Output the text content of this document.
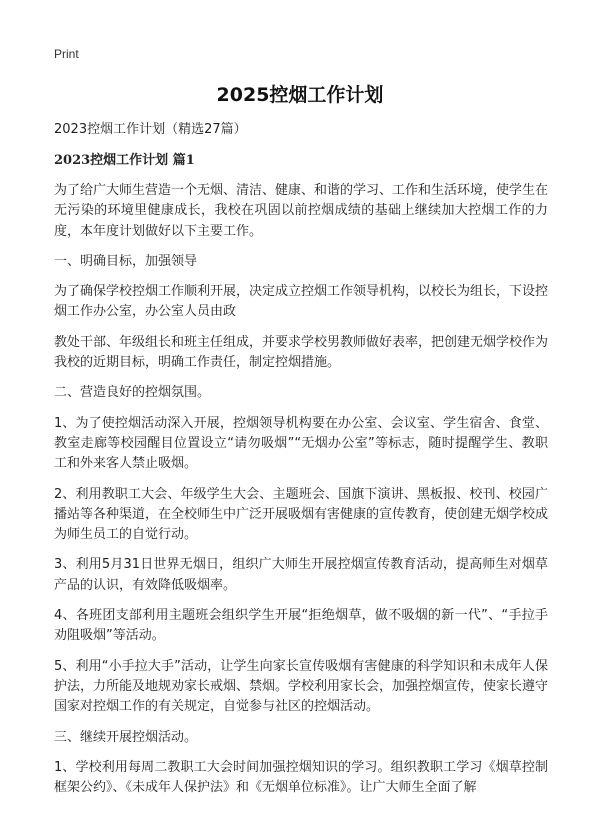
Print
2025控烟工作计划

2023控烟工作计划（精选27篇）

2023控烟工作计划 篇1

为了给广大师生营造一个无烟、清洁、健康、和谐的学习、工作和生活环境，使学生在无污染的环境里健康成长，我校在巩固以前控烟成绩的基础上继续加大控烟工作的力度，本年度计划做好以下主要工作。

一、明确目标，加强领导

为了确保学校控烟工作顺利开展，决定成立控烟工作领导机构，以校长为组长，下设控烟工作办公室，办公室人员由政

教处干部、年级组长和班主任组成，并要求学校男教师做好表率，把创建无烟学校作为我校的近期目标，明确工作责任，制定控烟措施。

二、营造良好的控烟氛围。

1、为了使控烟活动深入开展，控烟领导机构要在办公室、会议室、学生宿舍、食堂、教室走廊等校园醒目位置设立“请勿吸烟”“无烟办公室”等标志，随时提醒学生、教职工和外来客人禁止吸烟。

2、利用教职工大会、年级学生大会、主题班会、国旗下演讲、黑板报、校刊、校园广播站等各种渠道，在全校师生中广泛开展吸烟有害健康的宣传教育，使创建无烟学校成为师生员工的自觉行动。

3、利用5月31日世界无烟日，组织广大师生开展控烟宣传教育活动，提高师生对烟草产品的认识，有效降低吸烟率。

4、各班团支部利用主题班会组织学生开展“拒绝烟草，做不吸烟的新一代”、“手拉手劝阻吸烟”等活动。

5、利用“小手拉大手”活动，让学生向家长宣传吸烟有害健康的科学知识和未成年人保护法，力所能及地规劝家长戒烟、禁烟。学校利用家长会，加强控烟宣传，使家长遵守国家对控烟工作的有关规定，自觉参与社区的控烟活动。

三、继续开展控烟活动。

1、学校利用每周二教职工大会时间加强控烟知识的学习。组织教职工学习《烟草控制框架公约》、《未成年人保护法》和《无烟单位标准》。让广大师生全面了解
